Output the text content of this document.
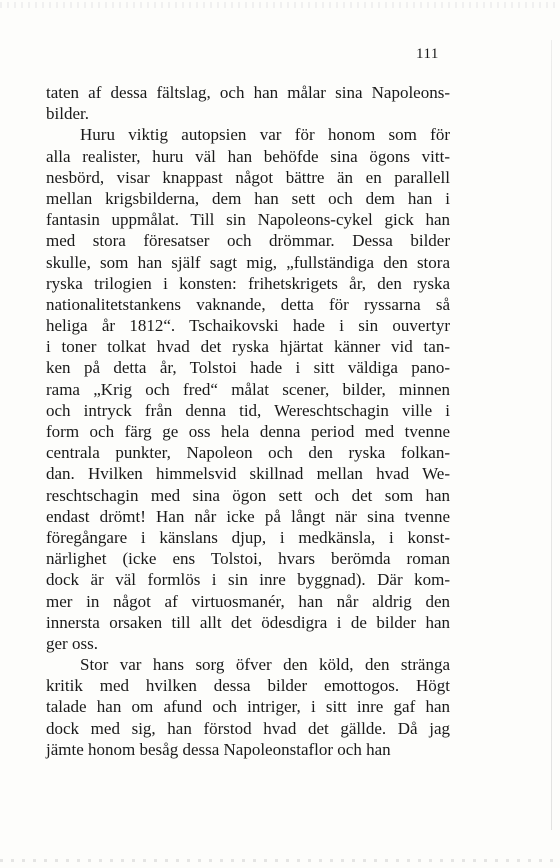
111
taten af dessa fältslag, och han målar sina Napoleons-
bilder.
Huru viktig autopsien var för honom som för
alla realister, huru väl han behöfde sina ögons vitt-
nesbörd, visar knappast något bättre än en parallell
mellan krigsbilderna, dem han sett och dem han i
fantasin uppmålat. Till sin Napoleons-cykel gick han
med stora föresatser och drömmar. Dessa bilder
skulle, som han själf sagt mig, „fullständiga den stora
ryska trilogien i konsten: frihetskrigets år, den ryska
nationalitetstankens vaknande, detta för ryssarna så
heliga år 1812“. Tschaikovski hade i sin ouvertyr
i toner tolkat hvad det ryska hjärtat känner vid tan-
ken på detta år, Tolstoi hade i sitt väldiga pano-
rama „Krig och fred“ målat scener, bilder, minnen
och intryck från denna tid, Wereschtschagin ville i
form och färg ge oss hela denna period med tvenne
centrala punkter, Napoleon och den ryska folkan-
dan. Hvilken himmelsvid skillnad mellan hvad We-
reschtschagin med sina ögon sett och det som han
endast drömt! Han når icke på långt när sina tvenne
föregångare i känslans djup, i medkänsla, i konst-
närlighet (icke ens Tolstoi, hvars berömda roman
dock är väl formlös i sin inre byggnad). Där kom-
mer in något af virtuosmanér, han når aldrig den
innersta orsaken till allt det ödesdigra i de bilder han
ger oss.
Stor var hans sorg öfver den köld, den stränga
kritik med hvilken dessa bilder emottogos. Högt
talade han om afund och intriger, i sitt inre gaf han
dock med sig, han förstod hvad det gällde. Då jag
jämte honom besåg dessa Napoleonstaflor och han
